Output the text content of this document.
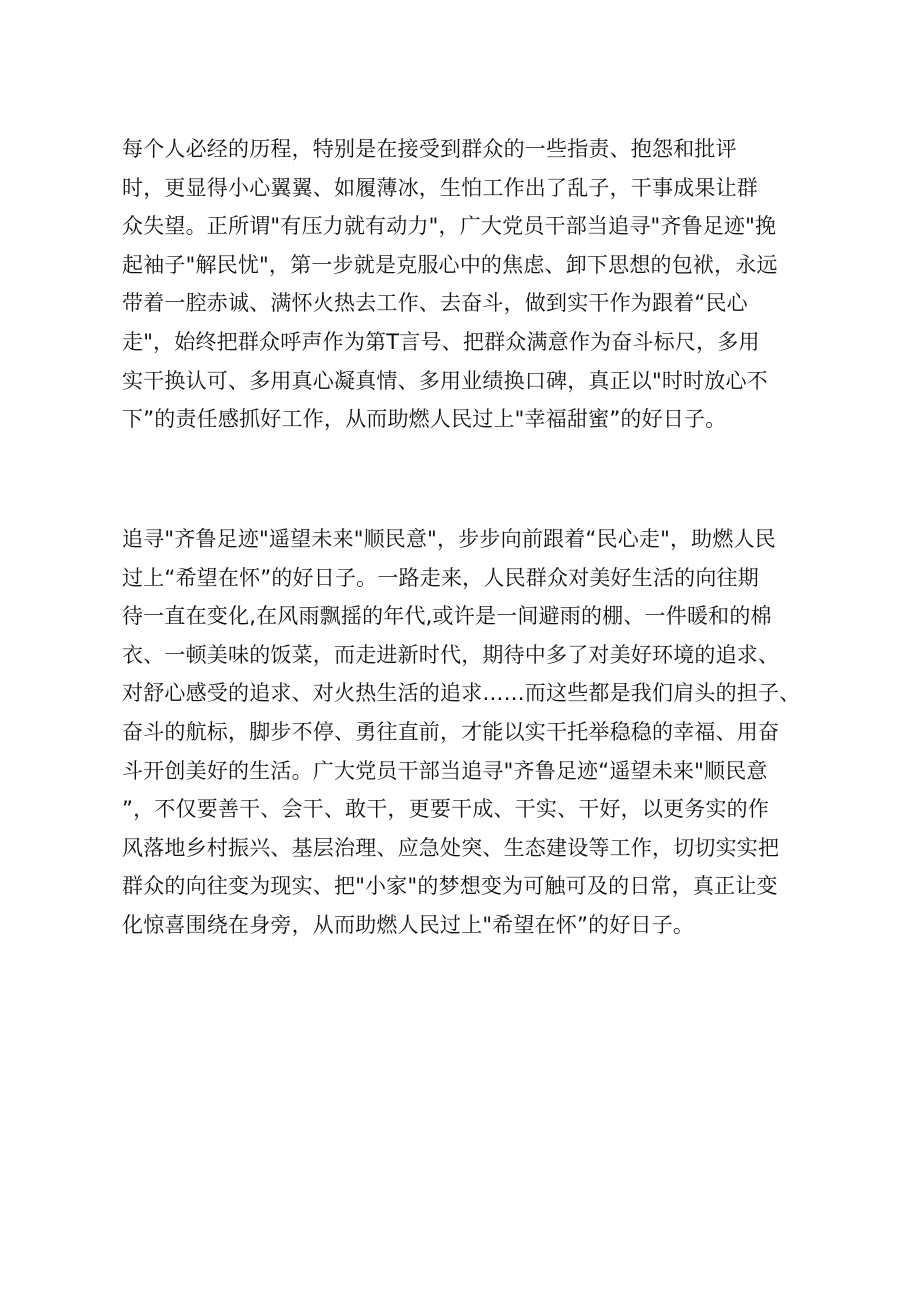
每个人必经的历程，特别是在接受到群众的一些指责、抱怨和批评
时，更显得小心翼翼、如履薄冰，生怕工作出了乱子，干事成果让群
众失望。正所谓"有压力就有动力"，广大党员干部当追寻"齐鲁足迹"挽
起袖子"解民忧"，第一步就是克服心中的焦虑、卸下思想的包袱，永远
带着一腔赤诚、满怀火热去工作、去奋斗，做到实干作为跟着“民心
走"，始终把群众呼声作为第T言号、把群众满意作为奋斗标尺，多用
实干换认可、多用真心凝真情、多用业绩换口碑，真正以"时时放心不
下”的责任感抓好工作，从而助燃人民过上"幸福甜蜜”的好日子。

追寻"齐鲁足迹"遥望未来"顺民意"，步步向前跟着“民心走"，助燃人民
过上“希望在怀”的好日子。一路走来，人民群众对美好生活的向往期
待一直在变化,在风雨飘摇的年代,或许是一间避雨的棚、一件暖和的棉
衣、一顿美味的饭菜，而走进新时代，期待中多了对美好环境的追求、
对舒心感受的追求、对火热生活的追求……而这些都是我们肩头的担子、
奋斗的航标，脚步不停、勇往直前，才能以实干托举稳稳的幸福、用奋
斗开创美好的生活。广大党员干部当追寻"齐鲁足迹“遥望未来"顺民意
”，不仅要善干、会干、敢干，更要干成、干实、干好，以更务实的作
风落地乡村振兴、基层治理、应急处突、生态建设等工作，切切实实把
群众的向往变为现实、把"小家"的梦想变为可触可及的日常，真正让变
化惊喜围绕在身旁，从而助燃人民过上"希望在怀”的好日子。
